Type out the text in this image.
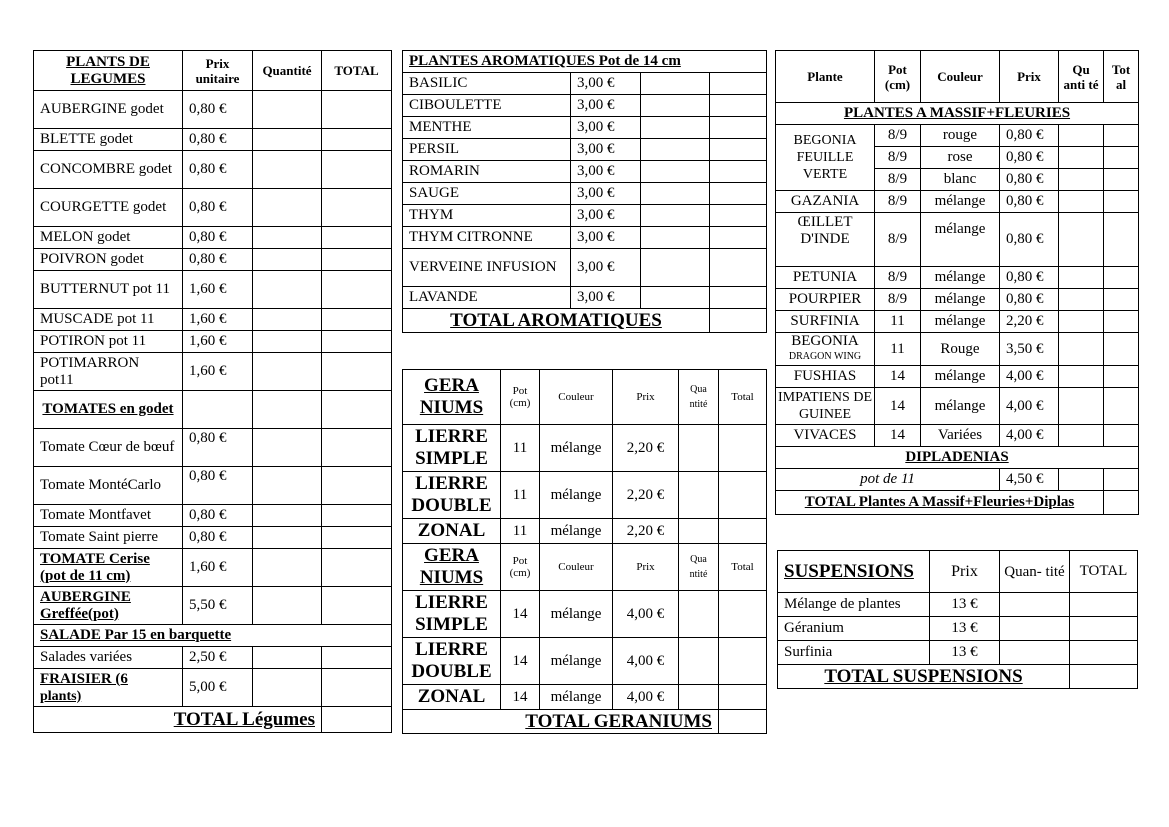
PLANTS DE LEGUMES	Prix unitaire	Quantité	TOTAL
AUBERGINE godet	0,80 €		
BLETTE godet	0,80 €		
CONCOMBRE godet	0,80 €		
COURGETTE godet	0,80 €		
MELON godet	0,80 €		
POIVRON godet	0,80 €		
BUTTERNUT pot 11	1,60 €		
MUSCADE pot 11	1,60 €		
POTIRON pot 11	1,60 €		
POTIMARRON pot11	1,60 €		
TOMATES en godet			
Tomate Cœur de bœuf	0,80 €		
Tomate MontéCarlo	0,80 €		
Tomate Montfavet	0,80 €		
Tomate Saint pierre	0,80 €		
TOMATE Cerise (pot de 11 cm)	1,60 €		
AUBERGINE Greffée(pot)	5,50 €		
SALADE Par 15 en barquette			
Salades variées	2,50 €		
FRAISIER (6
plants)	5,00 €		
TOTAL Légumes			
PLANTES AROMATIQUES Pot de 14 cm			
BASILIC	3,00 €		
CIBOULETTE	3,00 €		
MENTHE	3,00 €		
PERSIL	3,00 €		
ROMARIN	3,00 €		
SAUGE	3,00 €		
THYM	3,00 €		
THYM CITRONNE	3,00 €		
VERVEINE INFUSION	3,00 €		
LAVANDE	3,00 €		
TOTAL AROMATIQUES			
GERA NIUMS	Pot (cm)	Couleur	Prix	Qua ntité	Total
LIERRE SIMPLE	11	mélange	2,20 €		
LIERRE DOUBLE	11	mélange	2,20 €		
ZONAL	11	mélange	2,20 €		
GERA NIUMS	Pot (cm)	Couleur	Prix	Qua ntité	Total
LIERRE SIMPLE	14	mélange	4,00 €		
LIERRE DOUBLE	14	mélange	4,00 €		
ZONAL	14	mélange	4,00 €		
TOTAL GERANIUMS					
Plante	Pot (cm)	Couleur	Prix	Qu anti té	Tot al
PLANTES A MASSIF+FLEURIES					
BEGONIA FEUILLE VERTE	8/9	rouge	0,80 €		
	8/9	rose	0,80 €		
	8/9	blanc	0,80 €		
GAZANIA	8/9	mélange	0,80 €		
ŒILLET D'INDE	8/9	mélange	0,80 €		
PETUNIA	8/9	mélange	0,80 €		
POURPIER	8/9	mélange	0,80 €		
SURFINIA	11	mélange	2,20 €		
BEGONIA
DRAGON WING	11	Rouge	3,50 €		
FUSHIAS	14	mélange	4,00 €		
IMPATIENS DE GUINEE	14	mélange	4,00 €		
VIVACES	14	Variées	4,00 €		
DIPLADENIAS					
pot de 11			4,50 €		
TOTAL Plantes A Massif+Fleuries+Diplas					
SUSPENSIONS	Prix	Quan- tité	TOTAL
Mélange de plantes	13 €		
Géranium	13 €		
Surfinia	13 €		
TOTAL SUSPENSIONS			
